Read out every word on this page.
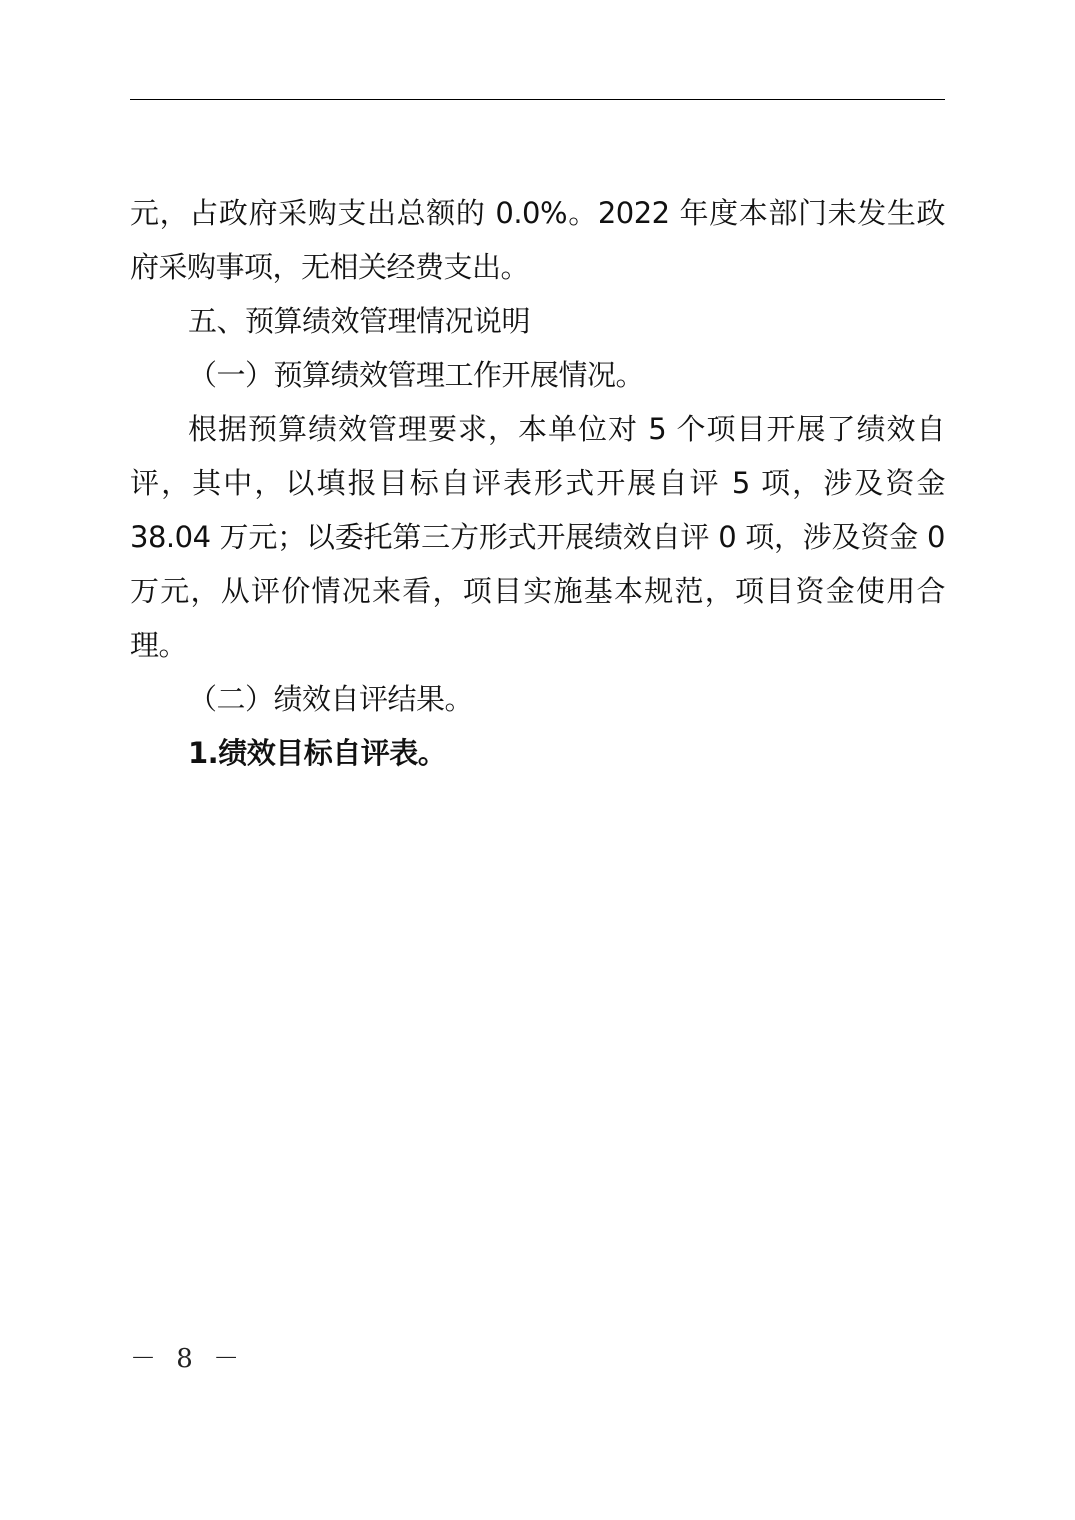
元，占政府采购支出总额的 0.0%。2022 年度本部门未发生政府采购事项，无相关经费支出。

五、预算绩效管理情况说明

（一）预算绩效管理工作开展情况。

根据预算绩效管理要求，本单位对 5 个项目开展了绩效自评，其中，以填报目标自评表形式开展自评 5 项，涉及资金 38.04 万元；以委托第三方形式开展绩效自评 0 项，涉及资金 0 万元，从评价情况来看，项目实施基本规范，项目资金使用合理。

（二）绩效自评结果。

1.绩效目标自评表。

－ 8 －
